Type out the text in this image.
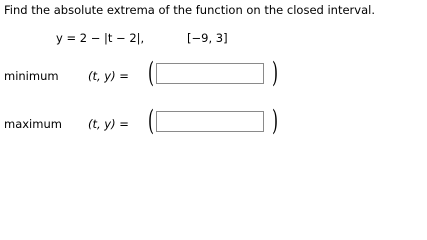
Find the absolute extrema of the function on the closed interval.
y = 2 − |t − 2|,	[−9, 3]
minimum	(t, y) = (	)
maximum (t, y) = (	)
